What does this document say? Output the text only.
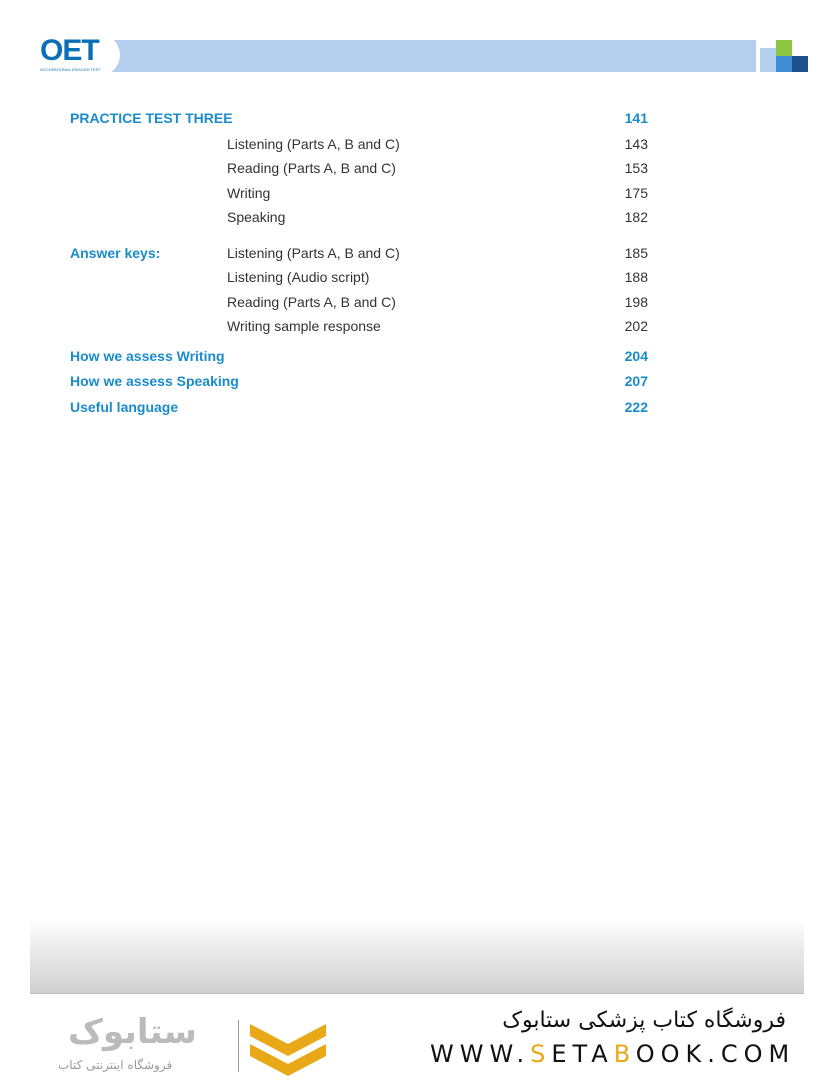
OET
OCCUPATIONAL ENGLISH TEST
PRACTICE TEST THREE	141
Listening (Parts A, B and C)	143
Reading (Parts A, B and C)	153
Writing	175
Speaking	182
Answer keys:	Listening (Parts A, B and C)	185
Listening (Audio script)	188
Reading (Parts A, B and C)	198
Writing sample response	202
How we assess Writing	204
How we assess Speaking	207
Useful language	222
ستابوک
فروشگاه اینترنتی کتاب
فروشگاه کتاب پزشکی ستابوک
WWW.SETABOOK.COM
